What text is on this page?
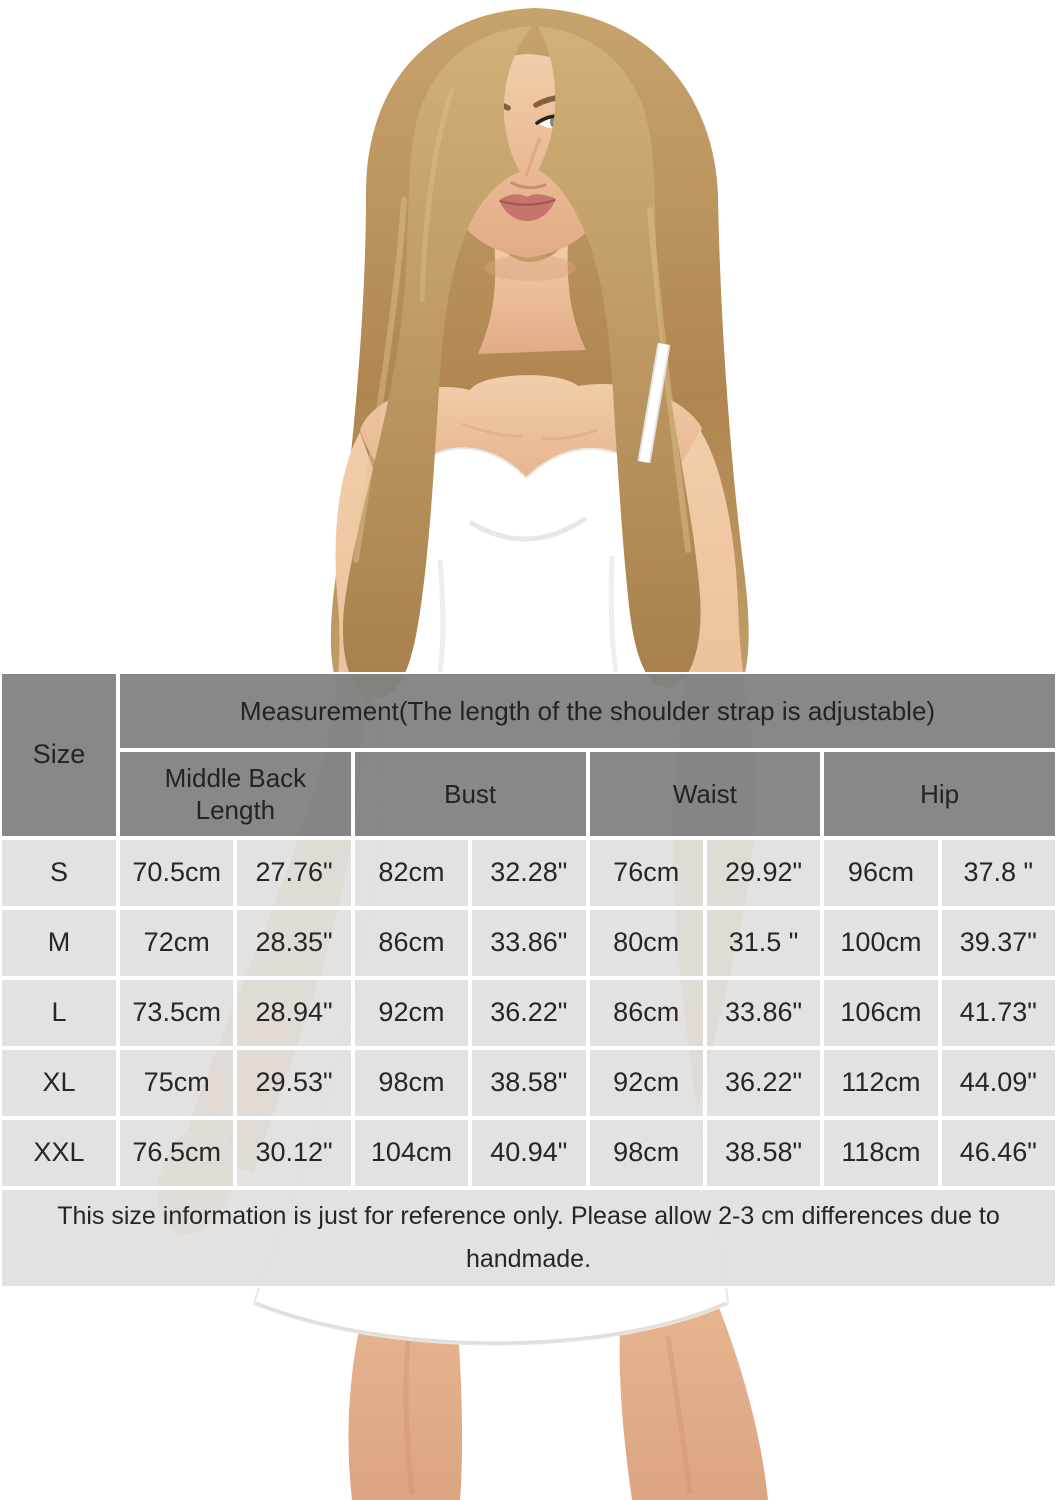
Size
Measurement(The length of the shoulder strap is adjustable)
Middle Back Length
Bust	Waist	Hip
S	70.5cm	27.76"	82cm	32.28"	76cm	29.92"	96cm	37.8 "
M	72cm	28.35"	86cm	33.86"	80cm	31.5 "	100cm	39.37"
L	73.5cm	28.94"	92cm	36.22"	86cm	33.86"	106cm	41.73"
XL	75cm	29.53"	98cm	38.58"	92cm	36.22"	112cm	44.09"
XXL	76.5cm	30.12"	104cm	40.94"	98cm	38.58"	118cm	46.46"
This size information is just for reference only. Please allow 2-3 cm differences due to handmade.
